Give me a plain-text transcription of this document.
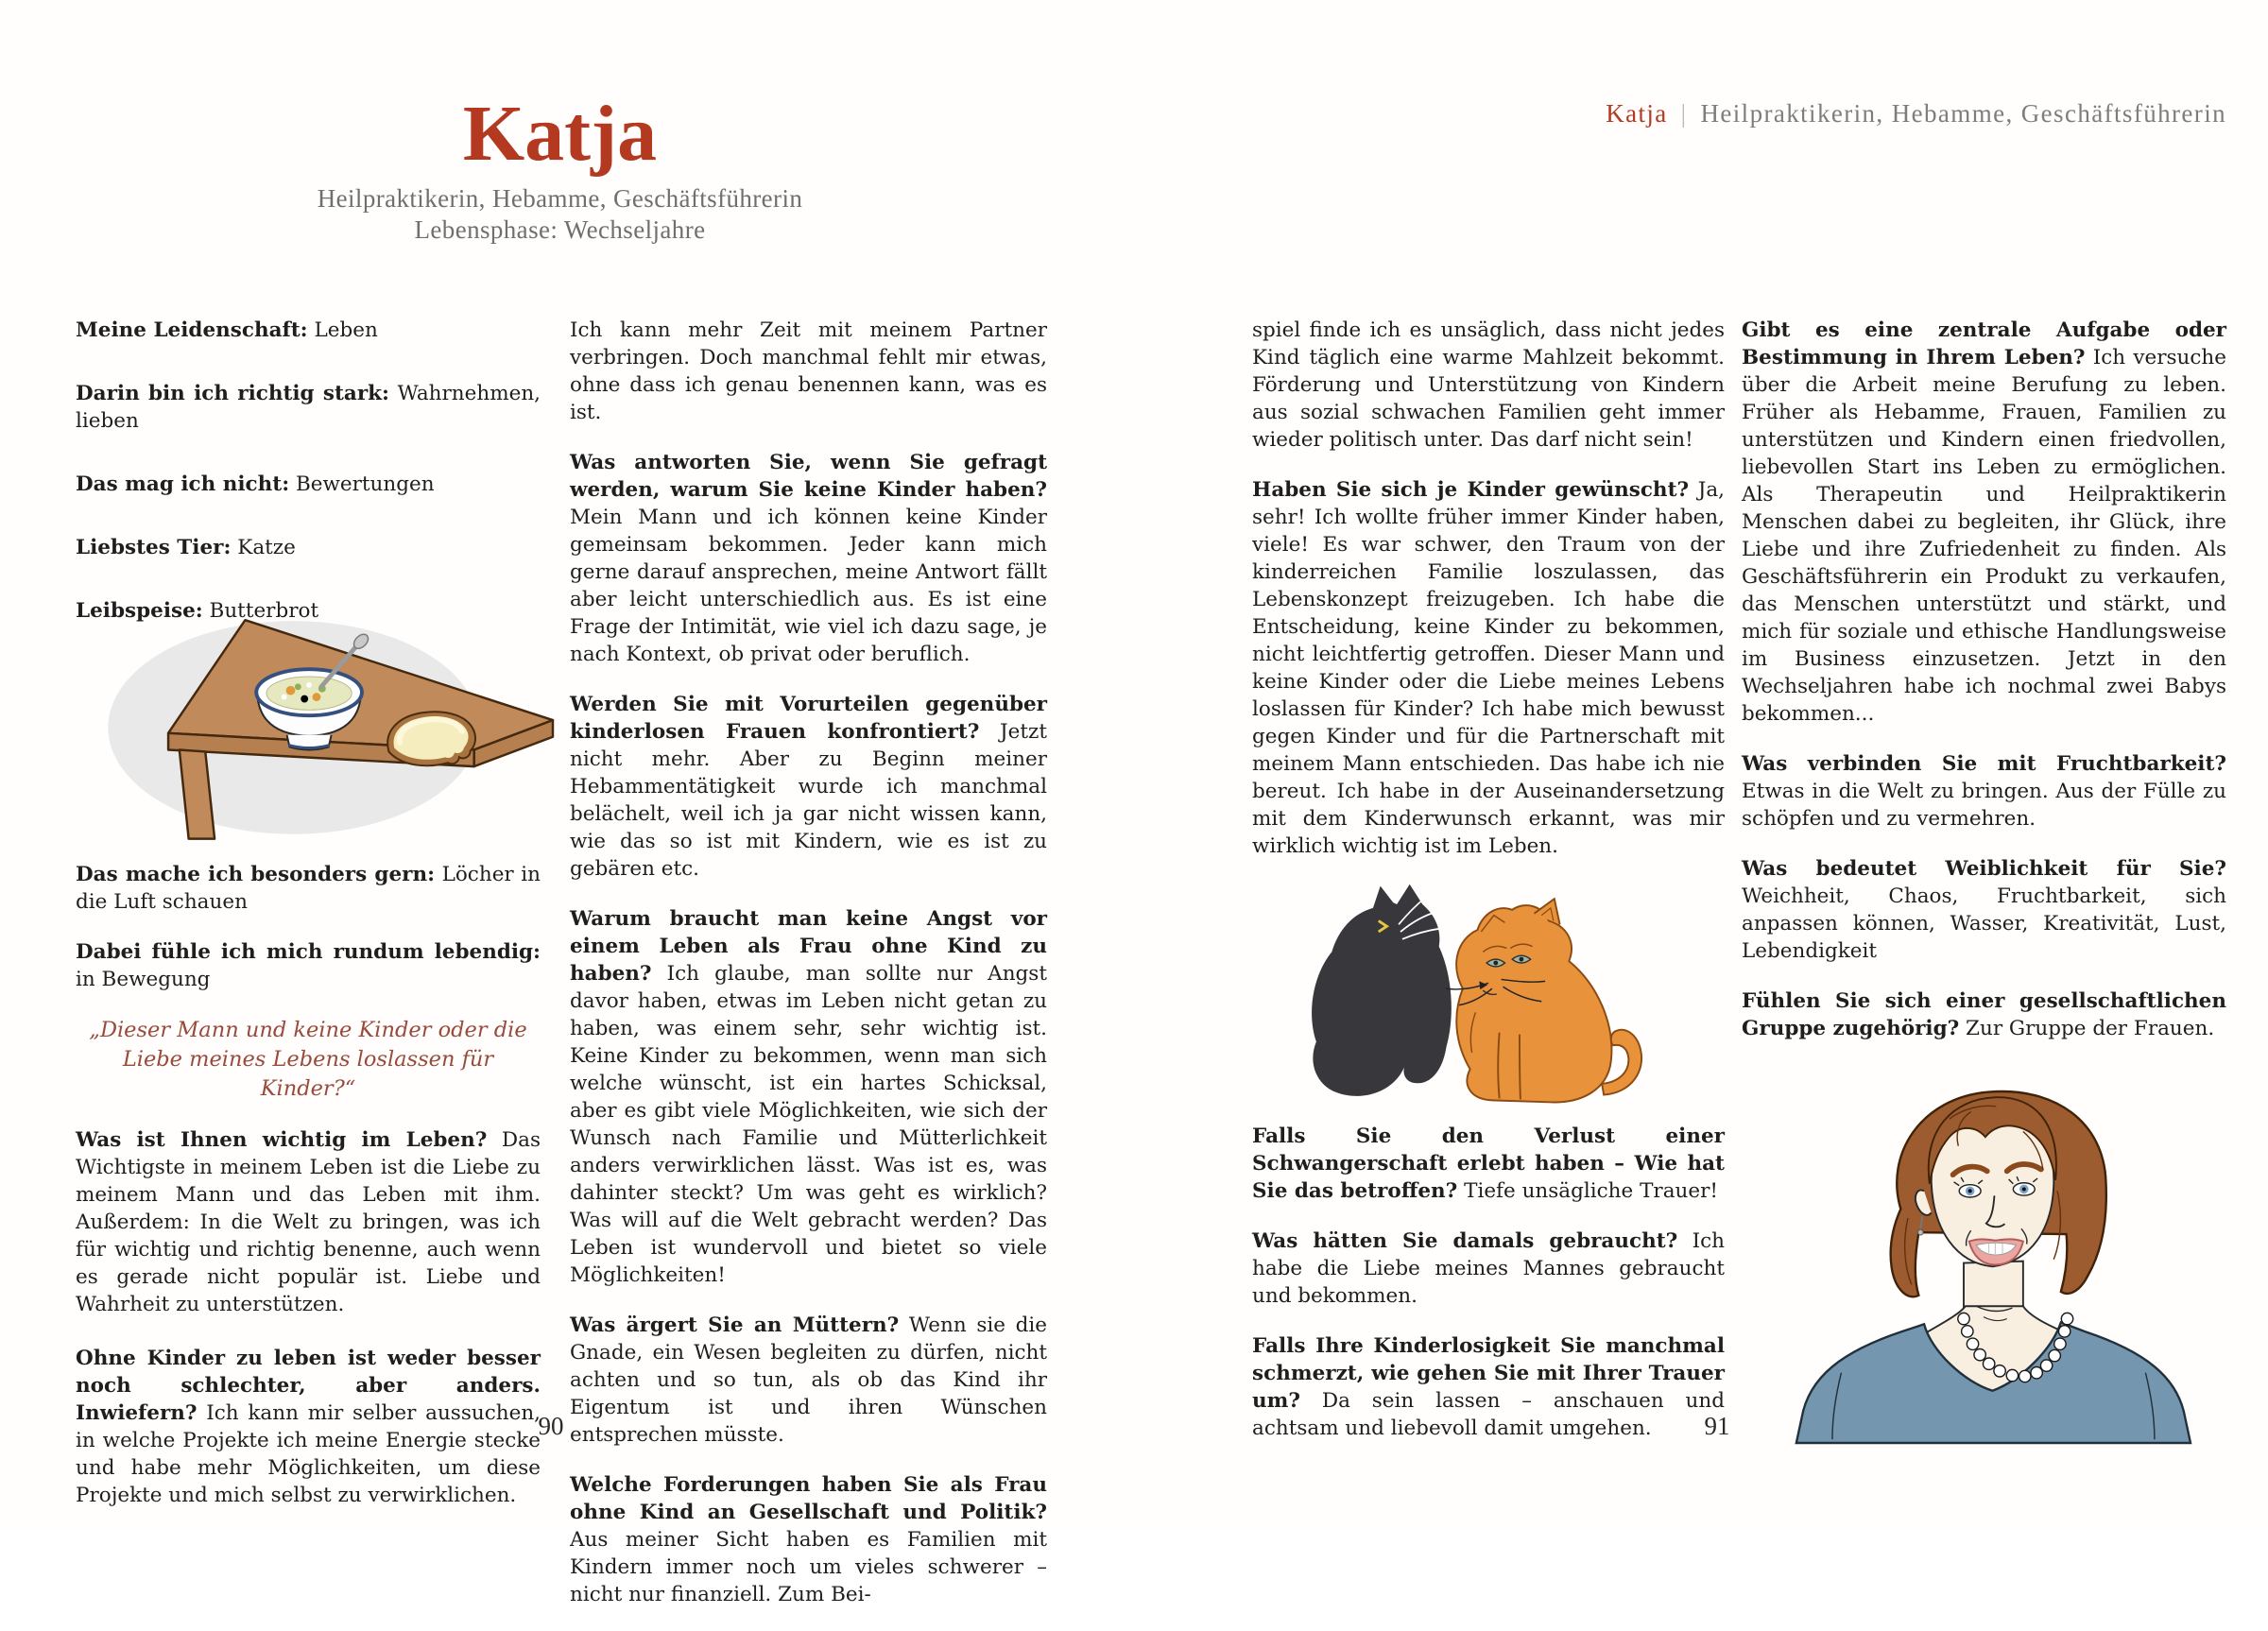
Katja

Heilpraktikerin, Hebamme, Geschäftsführerin

Lebensphase: Wechseljahre

Katja | Heilpraktikerin, Hebamme, Geschäftsführerin

Meine Leidenschaft: Leben

Darin bin ich richtig stark: Wahrnehmen, lieben

Das mag ich nicht: Bewertungen

Liebstes Tier: Katze

Leibspeise: Butterbrot

Das mache ich besonders gern: Löcher in die Luft schauen

Dabei fühle ich mich rundum lebendig: in Bewegung

„Dieser Mann und keine Kinder oder die Liebe meines Lebens loslassen für Kinder?“

Was ist Ihnen wichtig im Leben? Das Wichtigste in meinem Leben ist die Liebe zu meinem Mann und das Leben mit ihm. Außerdem: In die Welt zu bringen, was ich für wichtig und richtig benenne, auch wenn es gerade nicht populär ist. Liebe und Wahrheit zu unterstützen.

Ohne Kinder zu leben ist weder besser noch schlechter, aber anders. Inwiefern? Ich kann mir selber aussuchen, in welche Projekte ich meine Energie stecke und habe mehr Möglichkeiten, um diese Projekte und mich selbst zu verwirklichen.

Ich kann mehr Zeit mit meinem Partner verbringen. Doch manchmal fehlt mir etwas, ohne dass ich genau benennen kann, was es ist.

Was antworten Sie, wenn Sie gefragt werden, warum Sie keine Kinder haben? Mein Mann und ich können keine Kinder gemeinsam bekommen. Jeder kann mich gerne darauf ansprechen, meine Antwort fällt aber leicht unterschiedlich aus. Es ist eine Frage der Intimität, wie viel ich dazu sage, je nach Kontext, ob privat oder beruflich.

Werden Sie mit Vorurteilen gegenüber kinderlosen Frauen konfrontiert? Jetzt nicht mehr. Aber zu Beginn meiner Hebammentätigkeit wurde ich manchmal belächelt, weil ich ja gar nicht wissen kann, wie das so ist mit Kindern, wie es ist zu gebären etc.

Warum braucht man keine Angst vor einem Leben als Frau ohne Kind zu haben? Ich glaube, man sollte nur Angst davor haben, etwas im Leben nicht getan zu haben, was einem sehr, sehr wichtig ist. Keine Kinder zu bekommen, wenn man sich welche wünscht, ist ein hartes Schicksal, aber es gibt viele Möglichkeiten, wie sich der Wunsch nach Familie und Mütterlichkeit anders verwirklichen lässt. Was ist es, was dahinter steckt? Um was geht es wirklich? Was will auf die Welt gebracht werden? Das Leben ist wundervoll und bietet so viele Möglichkeiten!

Was ärgert Sie an Müttern? Wenn sie die Gnade, ein Wesen begleiten zu dürfen, nicht achten und so tun, als ob das Kind ihr Eigentum ist und ihren Wünschen entsprechen müsste.

Welche Forderungen haben Sie als Frau ohne Kind an Gesellschaft und Politik? Aus meiner Sicht haben es Familien mit Kindern immer noch um vieles schwerer – nicht nur finanziell. Zum Bei-

spiel finde ich es unsäglich, dass nicht jedes Kind täglich eine warme Mahlzeit bekommt. Förderung und Unterstützung von Kindern aus sozial schwachen Familien geht immer wieder politisch unter. Das darf nicht sein!

Haben Sie sich je Kinder gewünscht? Ja, sehr! Ich wollte früher immer Kinder haben, viele! Es war schwer, den Traum von der kinderreichen Familie loszulassen, das Lebenskonzept freizugeben. Ich habe die Entscheidung, keine Kinder zu bekommen, nicht leichtfertig getroffen. Dieser Mann und keine Kinder oder die Liebe meines Lebens loslassen für Kinder? Ich habe mich bewusst gegen Kinder und für die Partnerschaft mit meinem Mann entschieden. Das habe ich nie bereut. Ich habe in der Auseinandersetzung mit dem Kinderwunsch erkannt, was mir wirklich wichtig ist im Leben.

Falls Sie den Verlust einer Schwangerschaft erlebt haben – Wie hat Sie das betroffen? Tiefe unsägliche Trauer!

Was hätten Sie damals gebraucht? Ich habe die Liebe meines Mannes gebraucht und bekommen.

Falls Ihre Kinderlosigkeit Sie manchmal schmerzt, wie gehen Sie mit Ihrer Trauer um? Da sein lassen – anschauen und achtsam und liebevoll damit umgehen.

Gibt es eine zentrale Aufgabe oder Bestimmung in Ihrem Leben? Ich versuche über die Arbeit meine Berufung zu leben. Früher als Hebamme, Frauen, Familien zu unterstützen und Kindern einen friedvollen, liebevollen Start ins Leben zu ermöglichen. Als Therapeutin und Heilpraktikerin Menschen dabei zu begleiten, ihr Glück, ihre Liebe und ihre Zufriedenheit zu finden. Als Geschäftsführerin ein Produkt zu verkaufen, das Menschen unterstützt und stärkt, und mich für soziale und ethische Handlungsweise im Business einzusetzen. Jetzt in den Wechseljahren habe ich nochmal zwei Babys bekommen...

Was verbinden Sie mit Fruchtbarkeit? Etwas in die Welt zu bringen. Aus der Fülle zu schöpfen und zu vermehren.

Was bedeutet Weiblichkeit für Sie? Weichheit, Chaos, Fruchtbarkeit, sich anpassen können, Wasser, Kreativität, Lust, Lebendigkeit

Fühlen Sie sich einer gesellschaftlichen Gruppe zugehörig? Zur Gruppe der Frauen.

90	91
